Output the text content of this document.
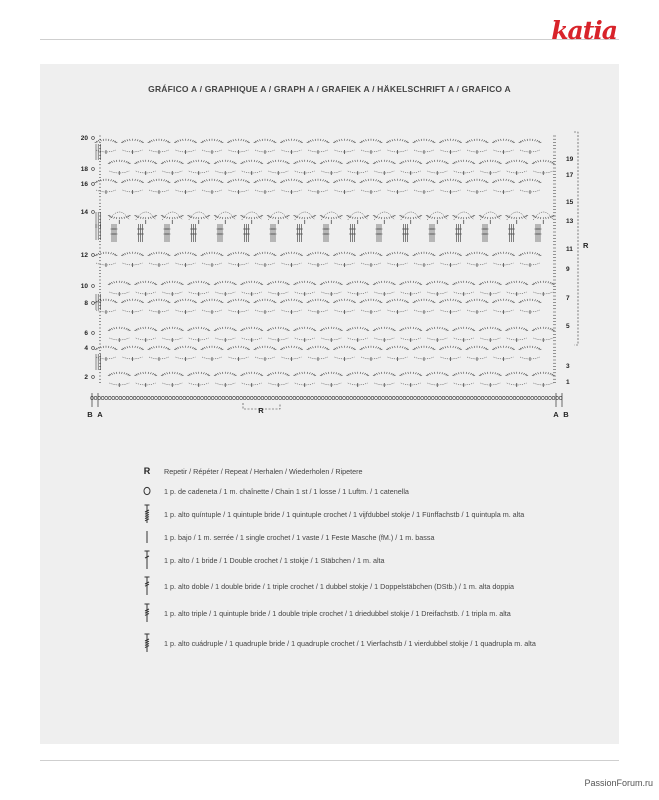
katia
GRÁFICO A / GRAPHIQUE A / GRAPH A / GRAFIEK A / HÄKELSCHRIFT A / GRAFICO A
20
18
16
14
12
10
8
6
4
2
19
17
15
13
11
9
7
5
3
1
B A	A B
R
R
R	Repetir / Répéter / Repeat / Herhalen / Wiederholen / Ripetere
1 p. de cadeneta / 1 m. chaînette / Chain 1 st / 1 losse / 1 Luftm. / 1 catenella
1 p. alto quíntuple / 1 quintuple bride / 1 quintuple crochet / 1 vijfdubbel stokje / 1 Fünffachstb / 1 quintupla m. alta
1 p. bajo / 1 m. serrée / 1 single crochet / 1 vaste / 1 Feste Masche (fM.) / 1 m. bassa
1 p. alto / 1 bride / 1 Double crochet / 1 stokje / 1 Stäbchen / 1 m. alta
1 p. alto doble / 1 double bride / 1 triple crochet / 1 dubbel stokje / 1 Doppelstäbchen (DStb.) / 1 m. alta doppia
1 p. alto triple / 1 quintuple bride / 1 double triple crochet / 1 driedubbel stokje / 1 Dreifachstb. / 1 tripla m. alta
1 p. alto cuádruple / 1 quadruple bride / 1 quadruple crochet / 1 Vierfachstb / 1 vierdubbel stokje / 1 quadrupla m. alta
PassionForum.ru
